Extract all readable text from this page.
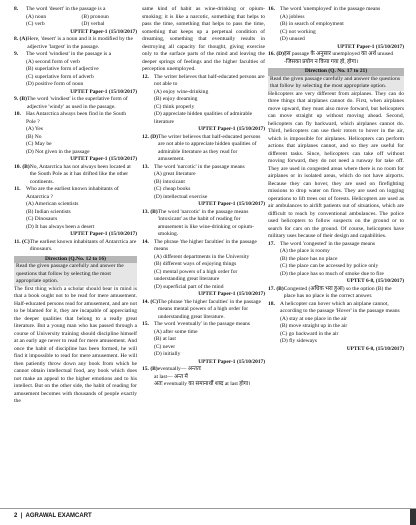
8.	The word 'desert' in the passage is a
(A) noun	(B) pronoun
(C) verb	(D) verbal
UPTET Paper-1 (15/10/2017)
8. (A) Here, 'desert' is a noun and it is modified by the adjective 'largest' in the passage.
9.	The word 'windiest' in the passage is a
(A) second form of verb
(B) superlative form of adjective
(C) superlative form of adverb
(D) positive form of noun
UPTET Paper-1 (15/10/2017)
9. (B) The word 'windiest' is the superlative form of adjective 'windy' as used in the passage.
10. Has Antarctica always been find in the South Pole ?
(A) Yes
(B) No
(C) May be
(D) Not given in the passage
UPTET Paper-1 (15/10/2017)
10. (B) No, Antarctica has not always been located at the South Pole as it has drifted like the other continents.
11. Who are the earliest known inhabitants of Antarctica ?
(A) American scientists
(B) Indian scientists
(C) Dinosaurs
(D) It has always been a desert
UPTET Paper-1 (15/10/2017)
11. (C) The earliest known inhabitants of Antarctica are dinosaurs.
Direction (Q.No. 12 to 16)
Read the given passage carefully and answer the questions that follow by selecting the most appropriate option.
The first thing which a scholar should bear in mind is that a book ought not to be read for mere amusement. Half-educated persons read for amusement, and are not to be blamed for it, they are incapable of appreciating the deeper qualities that belong to a really great literature. But a young man who has passed through a course of University training should discipline himself at an early age never to read for mere amusement. And once the habit of discipline has been formed, he will find it impossible to read for mere amusement. He will then patiently throw down any book from which he cannot obtain intellectual food, any book which does not make an appeal to the higher emotions and to his intellect. But on the other side, the habit of reading for amusement becomes with thousands of people exactly the
same kind of habit as wine-drinking or opium-smoking; it is like a narcotic, something that helps to pass the time, something that helps to pass the time, something that keeps up a perpetual condition of dreaming, something that eventually results in destroying all capacity for thought, giving exercise only to the surface parts of the mind and leaving the deeper springs of feelings and the higher faculties of perception unemployed.
12. The writer believes that half-educated persons are not able to
(A) enjoy wine-drinking
(B) enjoy dreaming
(C) think properly
(D) appreciate hidden qualities of admirable literature
UPTET Paper-1 (15/10/2017)
12. (D) The writer believes that half-educated persons are not able to appreciate hidden qualities of admirable literature as they read for amusement.
13. The word 'narcotic' in the passage means
(A) great literature
(B) intoxicant
(C) cheap books
(D) intellectual exercise
UPTET Paper-1 (15/10/2017)
13. (B) The word 'narcotic' in the passage means 'intoxicant' as the habit of reading for amusement is like wine-drinking or opium-smoking.
14. The phrase 'the higher faculties' in the passage means
(A) different departments in the University
(B) different ways of enjoying things
(C) mental powers of a high order for understanding great literature
(D) superficial part of the mind
UPTET Paper-1 (15/10/2017)
14. (C) The phrase 'the higher faculties' in the passage means mental powers of a high order for understanding great literature.
15. The word 'eventually' in the passage means
(A) after some time
(B) at last
(C) never
(D) initially
UPTET Paper-1 (15/10/2017)
15. (B) eventually— अन्ततः
at last— अन्त में
अतः eventually का समानार्थी शब्द at last होगा।
16. The word 'unemployed' in the passage means
(A) jobless
(B) in search of employment
(C) not working
(D) unused
UPTET Paper-1 (15/10/2017)
16. (D) इस passage के अनुसार unemployed का अर्थ unused -जिसका प्रयोग न किया गया हो, होगा।
Direction (Q. No. 17 to 21)
Read the given passage carefully and answer the questions that follow by selecting the most appropriate option.
Helicopters are very different from airplanes. They can do three things that airplanes cannot do. First, when airplanes move upward, they must also move forward, but helicopters can move straight up without moving ahead. Second, helicopters can fly backward, which airplanes cannot do. Third, helicopters can use their rotors to hover in the air, which is impossible for airplanes. Helicopters can perform actions that airplanes cannot, and so they are useful for different tasks. Since, helicopters can take off without moving forward, they do not need a runway for take off. They are used in congested areas where there is no room for airplanes or in isolated areas, which do not have airports. Because they can hover, they are used on firefighting missions to drop water on fires. They are used on logging operations to lift trees out of forests. Helicopters are used as air ambulances to airlift patients out of situations, which are difficult to reach by conventional ambulances. The police used helicopters to follow suspects on the ground or to search for cars on the ground. Of course, helicopters have military uses because of their design and capabilities.
17. The word 'congested' in the passage means
(A) the place is roomy
(B) the place has no place
(C) the place can be accessed by police only
(D) the place has so much of smoke due to fire
UPTET 6-8, (15/10/2017)
17. (B) Congested (अधिक भरा हुआ) so the option (B) the place has no place is the correct answer.
18. A helicopter can hover which an airplane cannot, according to the passage 'Hover' in the passage means
(A) stay at one place in the air
(B) move straight up in the air
(C) go backward in the air
(D) fly sideways
UPTET 6-8, (15/10/2017)
2  |  AGRAWAL EXAMCART
